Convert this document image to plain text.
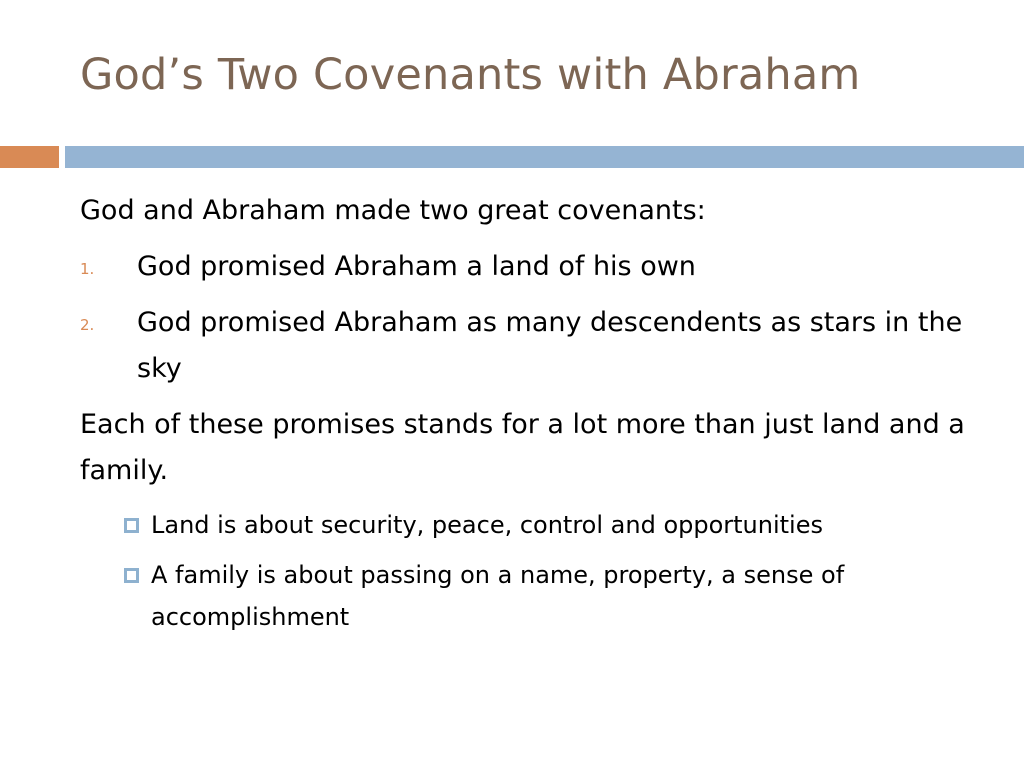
God’s Two Covenants with Abraham

God and Abraham made two great covenants:

1. God promised Abraham a land of his own
2. God promised Abraham as many descendents as stars in the sky

Each of these promises stands for a lot more than just land and a family.

Land is about security, peace, control and opportunities
A family is about passing on a name, property, a sense of accomplishment
